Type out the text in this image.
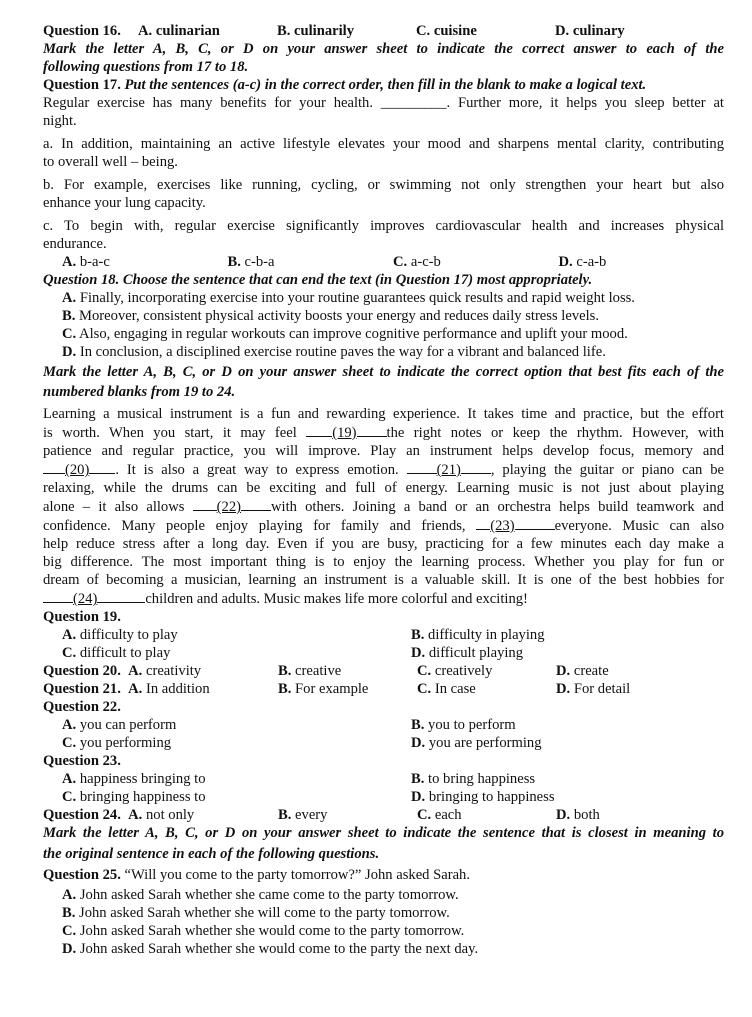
Question 16.	A. culinarian	B. culinarily	C. cuisine	D. culinary
Mark the letter A, B, C, or D on your answer sheet to indicate the correct answer to each of the
following questions from 17 to 18.
Question 17. Put the sentences (a-c) in the correct order, then fill in the blank to make a logical text.
Regular exercise has many benefits for your health. _________. Further more, it helps you sleep better at
night.
a. In addition, maintaining an active lifestyle elevates your mood and sharpens mental clarity, contributing
to overall well – being.
b. For example, exercises like running, cycling, or swimming not only strengthen your heart but also
enhance your lung capacity.
c. To begin with, regular exercise significantly improves cardiovascular health and increases physical
endurance.
A. b-a-c	B. c-b-a	C. a-c-b	D. c-a-b
Question 18. Choose the sentence that can end the text (in Question 17) most appropriately.
A. Finally, incorporating exercise into your routine guarantees quick results and rapid weight loss.
B. Moreover, consistent physical activity boosts your energy and reduces daily stress levels.
C. Also, engaging in regular workouts can improve cognitive performance and uplift your mood.
D. In conclusion, a disciplined exercise routine paves the way for a vibrant and balanced life.
Mark the letter A, B, C, or D on your answer sheet to indicate the correct option that best fits each of the
numbered blanks from 19 to 24.
Learning a musical instrument is a fun and rewarding experience. It takes time and practice, but the effort
is worth. When you start, it may feel (19) the right notes or keep the rhythm. However, with
patience and regular practice, you will improve. Play an instrument helps develop focus, memory and
(20) . It is also a great way to express emotion. (21) , playing the guitar or piano can be
relaxing, while the drums can be exciting and full of energy. Learning music is not just about playing
alone – it also allows (22) with others. Joining a band or an orchestra helps build teamwork and
confidence. Many people enjoy playing for family and friends, (23)	everyone. Music can also
help reduce stress after a long day. Even if you are busy, practicing for a few minutes each day make a
big difference. The most important thing is to enjoy the learning process. Whether you play for fun or
dream of becoming a musician, learning an instrument is a valuable skill. It is one of the best hobbies for
(24)	children and adults. Music makes life more colorful and exciting!
Question 19.
A. difficulty to play	B. difficulty in playing
C. difficult to play	D. difficult playing
Question 20. A. creativity	B. creative	C. creatively	D. create
Question 21. A. In addition	B. For example	C. In case	D. For detail
Question 22.
A. you can perform	B. you to perform
C. you performing	D. you are performing
Question 23.
A. happiness bringing to	B. to bring happiness
C. bringing happiness to	D. bringing to happiness
Question 24. A. not only	B. every	C. each	D. both
Mark the letter A, B, C, or D on your answer sheet to indicate the sentence that is closest in meaning to
the original sentence in each of the following questions.
Question 25. “Will you come to the party tomorrow?” John asked Sarah.
A. John asked Sarah whether she came come to the party tomorrow.
B. John asked Sarah whether she will come to the party tomorrow.
C. John asked Sarah whether she would come to the party tomorrow.
D. John asked Sarah whether she would come to the party the next day.
